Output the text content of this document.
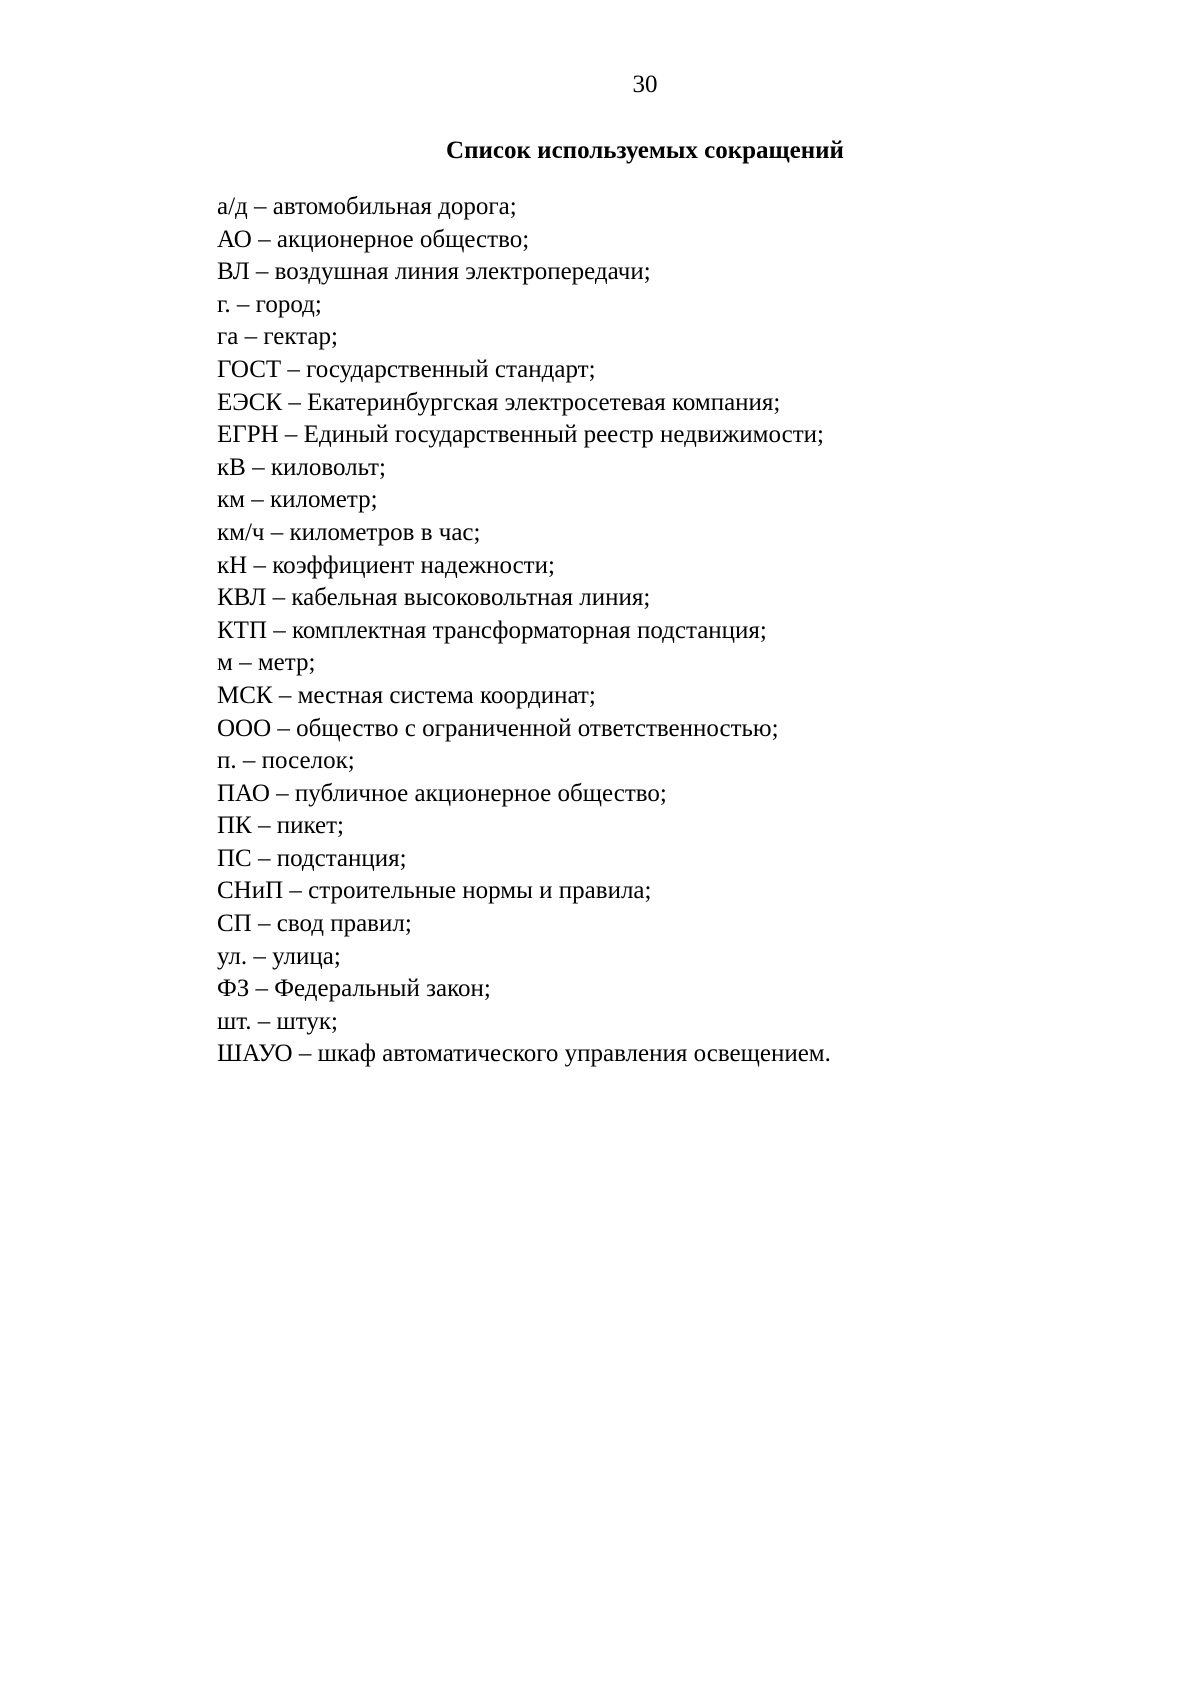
30
Список используемых сокращений
а/д – автомобильная дорога;
АО – акционерное общество;
ВЛ – воздушная линия электропередачи;
г. – город;
га – гектар;
ГОСТ – государственный стандарт;
ЕЭСК – Екатеринбургская электросетевая компания;
ЕГРН – Единый государственный реестр недвижимости;
кВ – киловольт;
км – километр;
км/ч – километров в час;
кН – коэффициент надежности;
КВЛ – кабельная высоковольтная линия;
КТП – комплектная трансформаторная подстанция;
м – метр;
МСК – местная система координат;
ООО – общество с ограниченной ответственностью;
п. – поселок;
ПАО – публичное акционерное общество;
ПК – пикет;
ПС – подстанция;
СНиП – строительные нормы и правила;
СП – свод правил;
ул. – улица;
ФЗ – Федеральный закон;
шт. – штук;
ШАУО – шкаф автоматического управления освещением.
